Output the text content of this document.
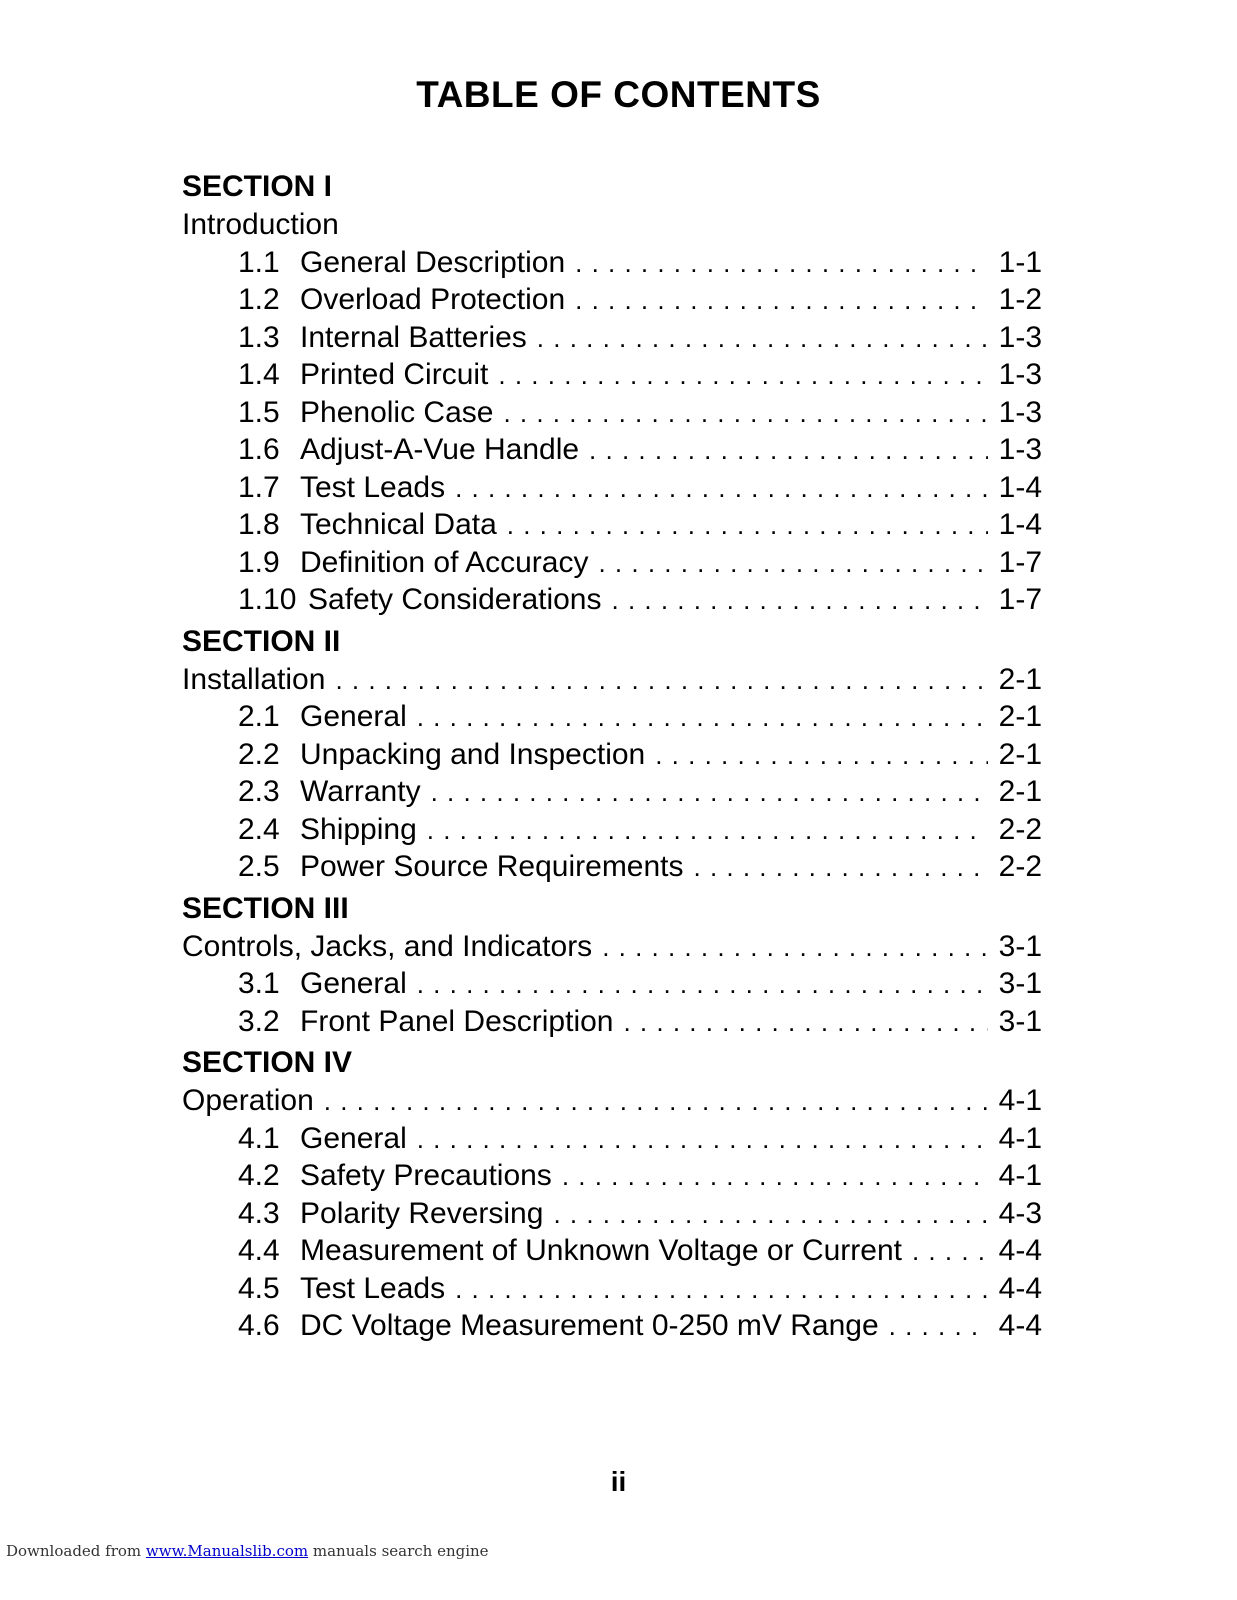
TABLE OF CONTENTS
SECTION I
Introduction
1.1 General Description . . .	1-1
1.2 Overload Protection . . .	1-2
1.3 Internal Batteries . . .	1-3
1.4 Printed Circuit . . .	1-3
1.5 Phenolic Case . . .	1-3
1.6 Adjust-A-Vue Handle . . .	1-3
1.7 Test Leads . . .	1-4
1.8 Technical Data . . .	1-4
1.9 Definition of Accuracy . . .	1-7
1.10 Safety Considerations . . .	1-7
SECTION II
Installation . . .	2-1
2.1 General . . .	2-1
2.2 Unpacking and Inspection . . .	2-1
2.3 Warranty . . .	2-1
2.4 Shipping . . .	2-2
2.5 Power Source Requirements . . .	2-2
SECTION III
Controls, Jacks, and Indicators . . .	3-1
3.1 General . . .	3-1
3.2 Front Panel Description . . .	3-1
SECTION IV
Operation . . .	4-1
4.1 General . . .	4-1
4.2 Safety Precautions . . .	4-1
4.3 Polarity Reversing . . .	4-3
4.4 Measurement of Unknown Voltage or Current . . .	4-4
4.5 Test Leads . . .	4-4
4.6 DC Voltage Measurement 0-250 mV Range . . .	4-4
ii
Downloaded from www.Manualslib.com manuals search engine
